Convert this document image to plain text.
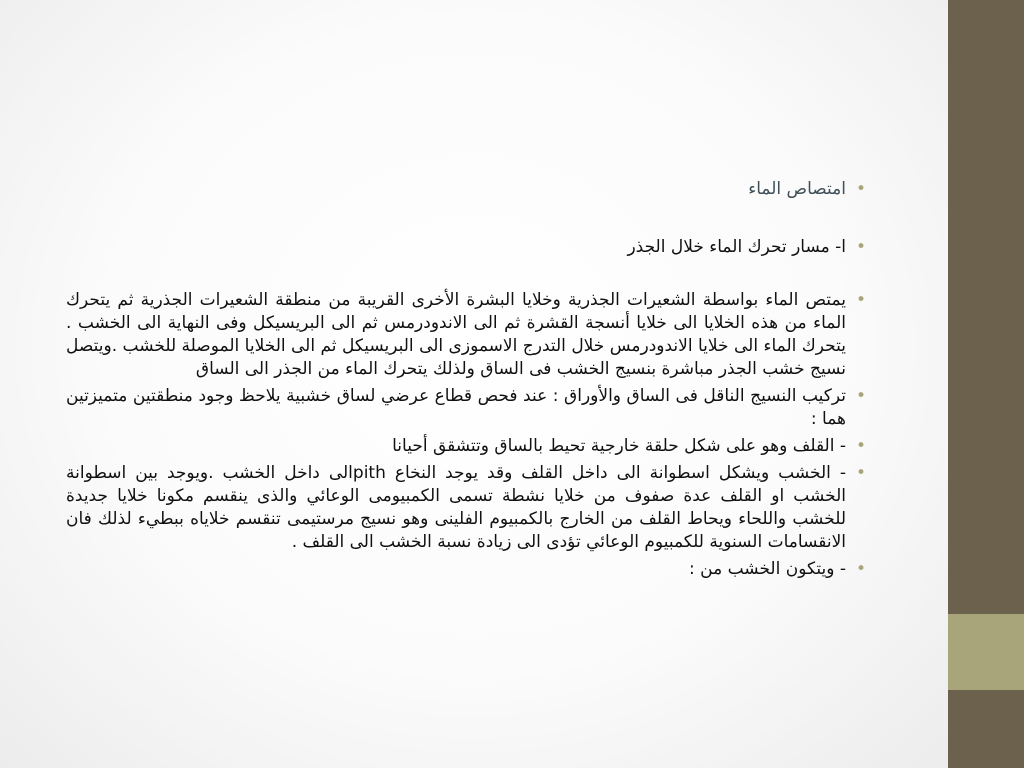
•
امتصاص الماء
•
ا- مسار تحرك الماء خلال الجذر
•
يمتص الماء بواسطة الشعيرات الجذرية وخلايا البشرة الأخرى القريبة من منطقة الشعيرات الجذرية ثم يتحرك الماء من هذه الخلايا الى خلايا أنسجة القشرة ثم الى الاندودرمس ثم الى البريسيكل وفى النهاية الى الخشب . يتحرك الماء الى خلايا الاندودرمس خلال التدرج الاسموزى الى البريسيكل ثم الى الخلايا الموصلة للخشب .ويتصل نسيج خشب الجذر مباشرة بنسيج الخشب فى الساق ولذلك يتحرك الماء من الجذر الى الساق
•
تركيب النسيج الناقل فى الساق والأوراق : عند فحص قطاع عرضي لساق خشبية يلاحظ وجود منطقتين متميزتين هما :
•
- القلف وهو على شكل حلقة خارجية تحيط بالساق وتتشقق أحيانا
•
- الخشب ويشكل اسطوانة الى داخل القلف وقد يوجد النخاع pithالى داخل الخشب .ويوجد بين اسطوانة الخشب او القلف عدة صفوف من خلايا نشطة تسمى الكمبيومى الوعائي والذى ينقسم مكونا خلايا جديدة للخشب واللحاء ويحاط القلف من الخارج بالكمبيوم الفلينى وهو نسيج مرستيمى تنقسم خلاياه ببطيء لذلك فان الانقسامات السنوية للكمبيوم الوعائي تؤدى الى زيادة نسبة الخشب الى القلف .
•
- ويتكون الخشب من :
